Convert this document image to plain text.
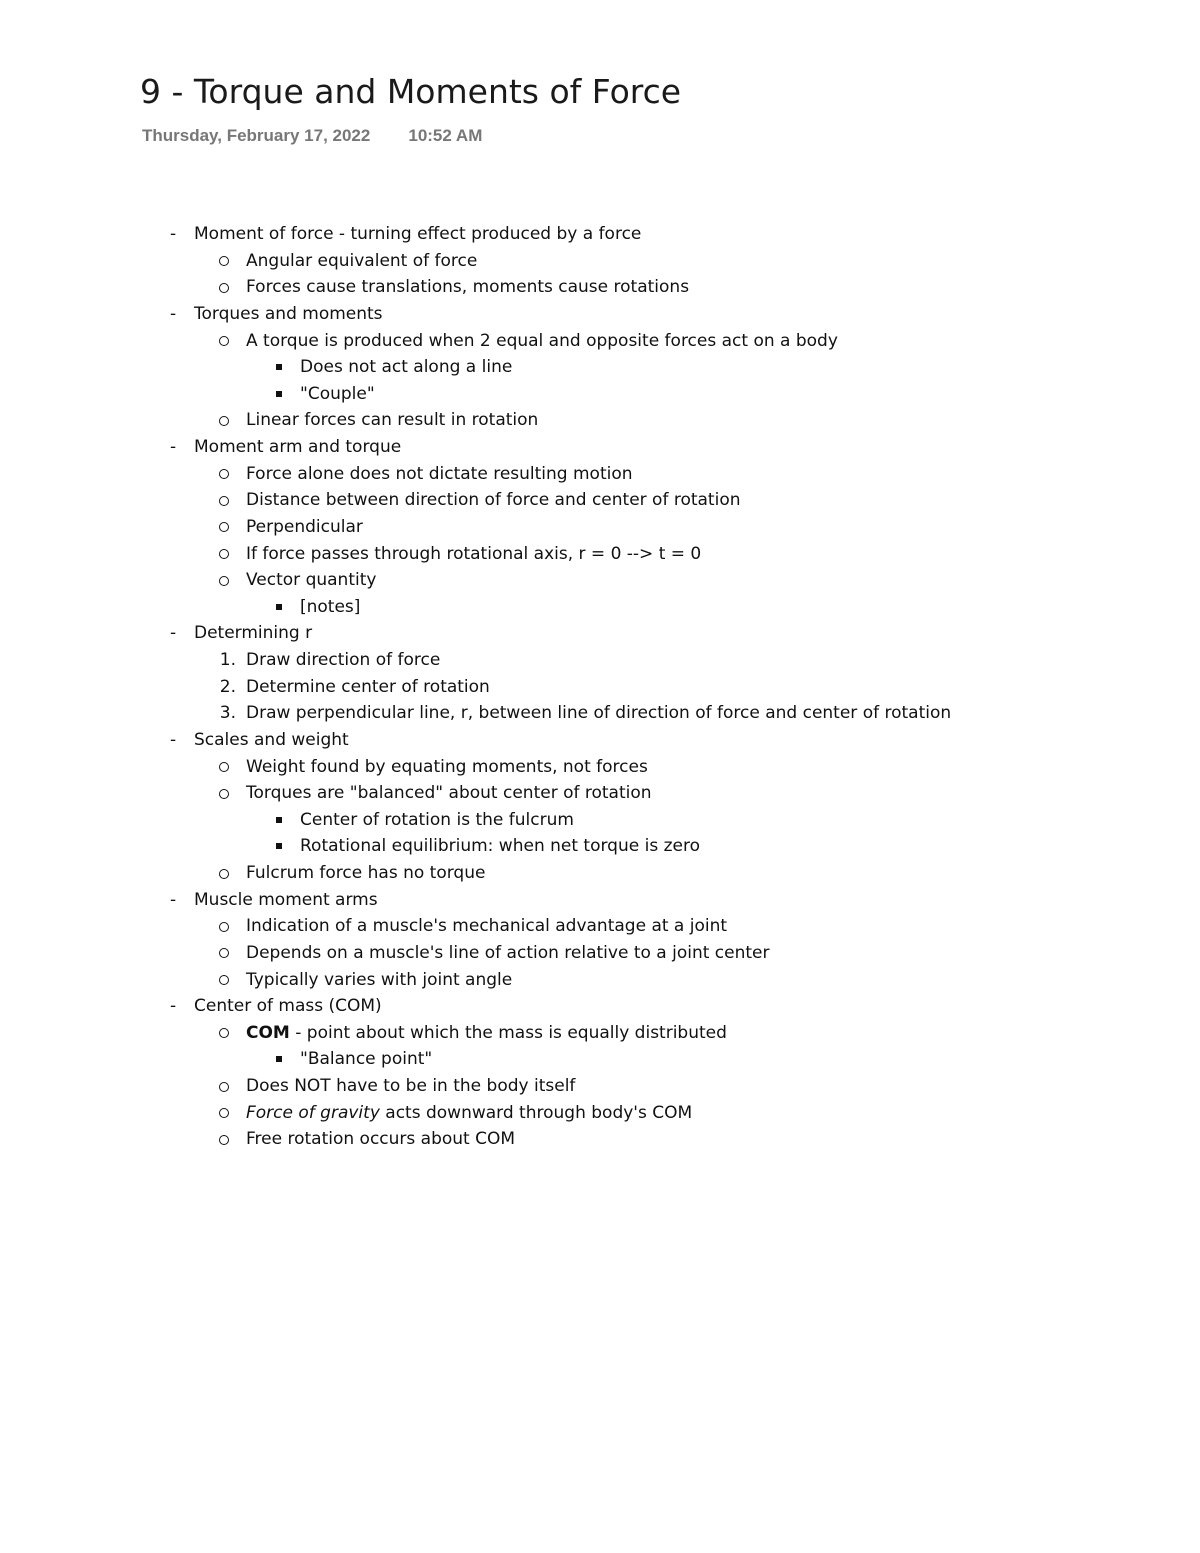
9 - Torque and Moments of Force
Thursday, February 17, 2022 10:52 AM
-
Moment of force - turning effect produced by a force
Angular equivalent of force
Forces cause translations, moments cause rotations
-
Torques and moments
A torque is produced when 2 equal and opposite forces act on a body
Does not act along a line
"Couple"
Linear forces can result in rotation
-
Moment arm and torque
Force alone does not dictate resulting motion
Distance between direction of force and center of rotation
Perpendicular
If force passes through rotational axis, r = 0 --> t = 0
Vector quantity
[notes]
-
Determining r
1. Draw direction of force
2. Determine center of rotation
3. Draw perpendicular line, r, between line of direction of force and center of rotation
-
Scales and weight
Weight found by equating moments, not forces
Torques are "balanced" about center of rotation
Center of rotation is the fulcrum
Rotational equilibrium: when net torque is zero
Fulcrum force has no torque
-
Muscle moment arms
Indication of a muscle's mechanical advantage at a joint
Depends on a muscle's line of action relative to a joint center
Typically varies with joint angle
-
Center of mass (COM)
COM - point about which the mass is equally distributed
"Balance point"
Does NOT have to be in the body itself
Force of gravity acts downward through body's COM
Free rotation occurs about COM
